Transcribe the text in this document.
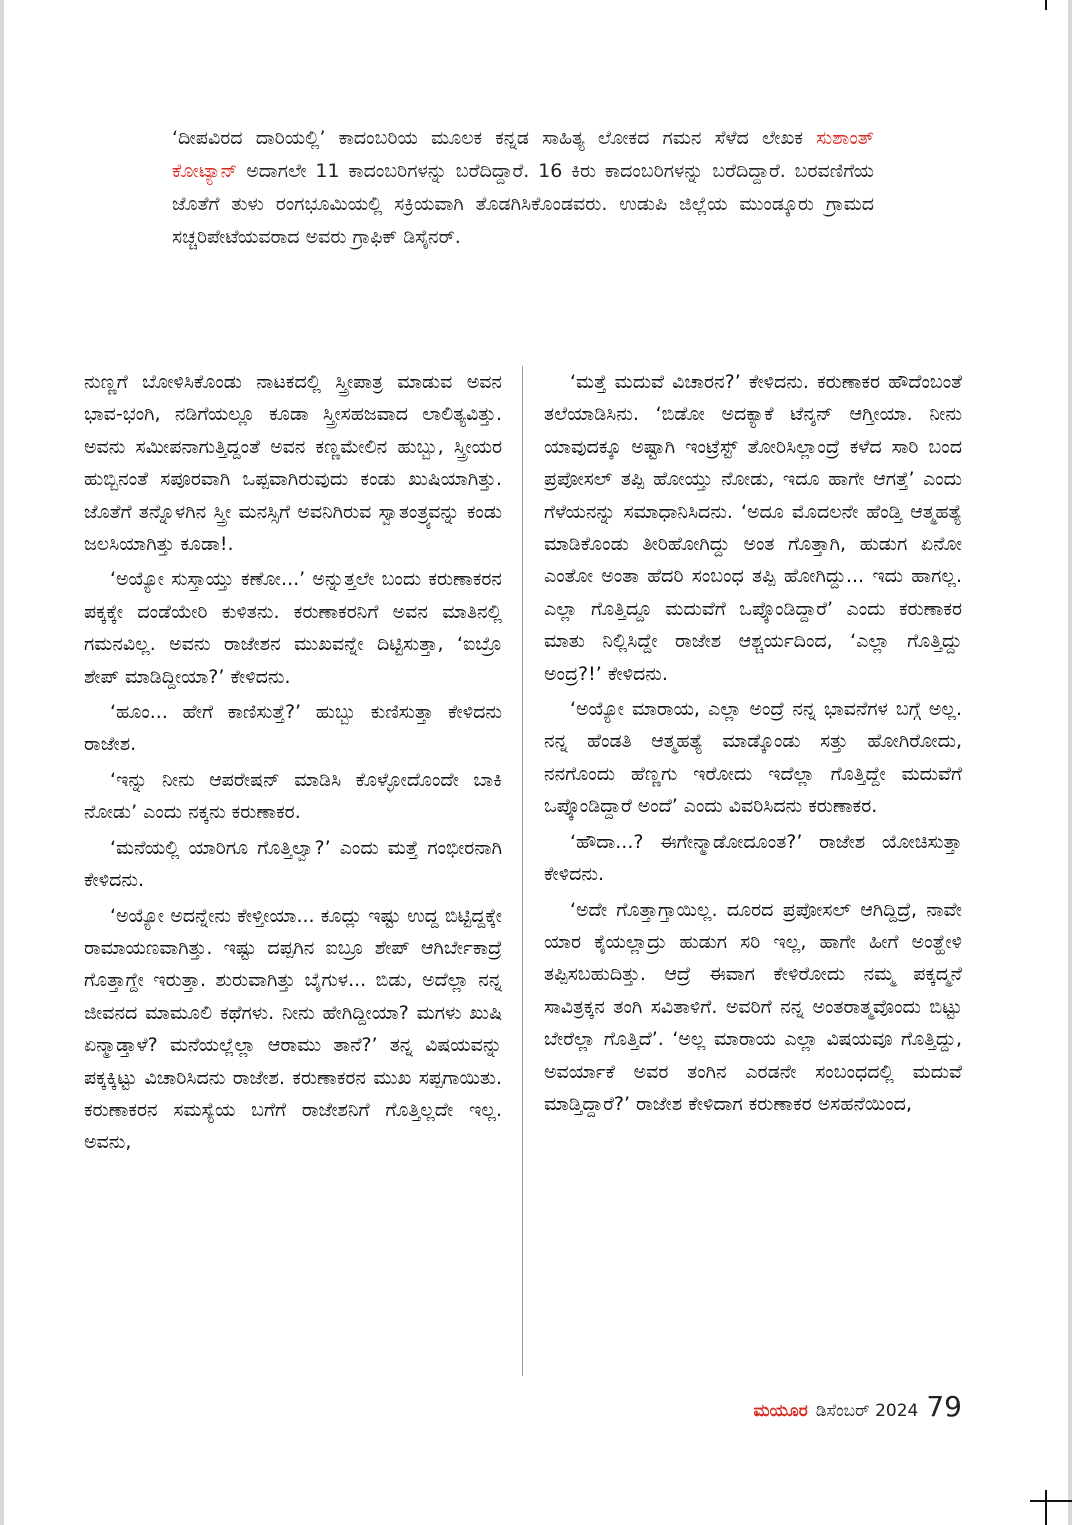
‘ದೀಪವಿರದ ದಾರಿಯಲ್ಲಿ’ ಕಾದಂಬರಿಯ ಮೂಲಕ ಕನ್ನಡ ಸಾಹಿತ್ಯ ಲೋಕದ ಗಮನ ಸೆಳೆದ ಲೇಖಕ ಸುಶಾಂತ್ ಕೋಟ್ಯಾನ್ ಅದಾಗಲೇ 11 ಕಾದಂಬರಿಗಳನ್ನು ಬರೆದಿದ್ದಾರೆ. 16 ಕಿರು ಕಾದಂಬರಿಗಳನ್ನು ಬರೆದಿದ್ದಾರೆ. ಬರವಣಿಗೆಯ ಜೊತೆಗೆ ತುಳು ರಂಗಭೂಮಿಯಲ್ಲಿ ಸಕ್ರಿಯವಾಗಿ ತೊಡಗಿಸಿಕೊಂಡವರು. ಉಡುಪಿ ಜಿಲ್ಲೆಯ ಮುಂಡ್ಕೂರು ಗ್ರಾಮದ ಸಚ್ಚರಿಪೇಟೆಯವರಾದ ಅವರು ಗ್ರಾಫಿಕ್ ಡಿಸೈನರ್.

ನುಣ್ಣಗೆ ಬೋಳಿಸಿಕೊಂಡು ನಾಟಕದಲ್ಲಿ ಸ್ತ್ರೀಪಾತ್ರ ಮಾಡುವ ಅವನ ಭಾವ-ಭಂಗಿ, ನಡಿಗೆಯಲ್ಲೂ ಕೂಡಾ ಸ್ತ್ರೀಸಹಜವಾದ ಲಾಲಿತ್ಯವಿತ್ತು. ಅವನು ಸಮೀಪನಾಗುತ್ತಿದ್ದಂತೆ ಅವನ ಕಣ್ಣಮೇಲಿನ ಹುಬ್ಬು, ಸ್ತ್ರೀಯರ ಹುಬ್ಬಿನಂತೆ ಸಪೂರವಾಗಿ ಒಪ್ಪವಾಗಿರುವುದು ಕಂಡು ಖುಷಿಯಾಗಿತ್ತು. ಜೊತೆಗೆ ತನ್ನೊಳಗಿನ ಸ್ತ್ರೀ ಮನಸ್ಸಿಗೆ ಅವನಿಗಿರುವ ಸ್ವಾತಂತ್ರ್ಯವನ್ನು ಕಂಡು ಜಲಸಿಯಾಗಿತ್ತು ಕೂಡಾ!.

‘ಅಯ್ಯೋ ಸುಸ್ತಾಯ್ತು ಕಣೋ...’ ಅನ್ನುತ್ತಲೇ ಬಂದು ಕರುಣಾಕರನ ಪಕ್ಕಕ್ಕೇ ದಂಡೆಯೇರಿ ಕುಳಿತನು. ಕರುಣಾಕರನಿಗೆ ಅವನ ಮಾತಿನಲ್ಲಿ ಗಮನವಿಲ್ಲ. ಅವನು ರಾಜೇಶನ ಮುಖವನ್ನೇ ದಿಟ್ಟಿಸುತ್ತಾ, ‘ಐಬ್ರೊ ಶೇಪ್ ಮಾಡಿದ್ದೀಯಾ?’ ಕೇಳಿದನು.

‘ಹೂಂ... ಹೇಗೆ ಕಾಣಿಸುತ್ತೆ?’ ಹುಬ್ಬು ಕುಣಿಸುತ್ತಾ ಕೇಳಿದನು ರಾಜೇಶ.

‘ಇನ್ನು ನೀನು ಆಪರೇಷನ್ ಮಾಡಿಸಿ ಕೊಳ್ಳೋದೊಂದೇ ಬಾಕಿ ನೋಡು’ ಎಂದು ನಕ್ಕನು ಕರುಣಾಕರ.

‘ಮನೆಯಲ್ಲಿ ಯಾರಿಗೂ ಗೊತ್ತಿಲ್ವಾ?’ ಎಂದು ಮತ್ತೆ ಗಂಭೀರನಾಗಿ ಕೇಳಿದನು.

‘ಅಯ್ಯೋ ಅದನ್ನೇನು ಕೇಳ್ತೀಯಾ... ಕೂದ್ಲು ಇಷ್ಟು ಉದ್ದ ಬಿಟ್ಟಿದ್ದಕ್ಕೇ ರಾಮಾಯಣವಾಗಿತ್ತು. ಇಷ್ಟು ದಪ್ಪಗಿನ ಐಬ್ರೂ ಶೇಪ್ ಆಗಿರ್ಬೇಕಾದ್ರೆ ಗೊತ್ತಾಗ್ದೇ ಇರುತ್ತಾ. ಶುರುವಾಗಿತ್ತು ಬೈಗುಳ... ಬಿಡು, ಅದೆಲ್ಲಾ ನನ್ನ ಜೀವನದ ಮಾಮೂಲಿ ಕಥೆಗಳು. ನೀನು ಹೇಗಿದ್ದೀಯಾ? ಮಗಳು ಖುಷಿ ಏನ್ಮಾಡ್ತಾಳೆ? ಮನೆಯಲ್ಲೆಲ್ಲಾ ಆರಾಮು ತಾನೆ?’ ತನ್ನ ವಿಷಯವನ್ನು ಪಕ್ಕಕ್ಕಿಟ್ಟು ವಿಚಾರಿಸಿದನು ರಾಜೇಶ. ಕರುಣಾಕರನ ಮುಖ ಸಪ್ಪಗಾಯಿತು. ಕರುಣಾಕರನ ಸಮಸ್ಯೆಯ ಬಗೆಗೆ ರಾಜೇಶನಿಗೆ ಗೊತ್ತಿಲ್ಲದೇ ಇಲ್ಲ. ಅವನು,

‘ಮತ್ತೆ ಮದುವೆ ವಿಚಾರನ?’ ಕೇಳಿದನು. ಕರುಣಾಕರ ಹೌದೆಂಬಂತೆ ತಲೆಯಾಡಿಸಿನು. ‘ಬಿಡೋ ಅದಕ್ಯಾಕೆ ಟೆನ್ಶನ್ ಆಗ್ತೀಯಾ. ನೀನು ಯಾವುದಕ್ಕೂ ಅಷ್ಟಾಗಿ ಇಂಟ್ರೆಸ್ಟ್ ತೋರಿಸಿಲ್ಲಾಂದ್ರೆ ಕಳೆದ ಸಾರಿ ಬಂದ ಪ್ರಪೋಸಲ್ ತಪ್ಪಿ ಹೋಯ್ತು ನೋಡು, ಇದೂ ಹಾಗೇ ಆಗತ್ತೆ’ ಎಂದು ಗೆಳೆಯನನ್ನು ಸಮಾಧಾನಿಸಿದನು. ‘ಅದೂ ಮೊದಲನೇ ಹೆಂಡ್ತಿ ಆತ್ಮಹತ್ಯೆ ಮಾಡಿಕೊಂಡು ತೀರಿಹೋಗಿದ್ದು ಅಂತ ಗೊತ್ತಾಗಿ, ಹುಡುಗ ಏನೋ ಎಂತೋ ಅಂತಾ ಹೆದರಿ ಸಂಬಂಧ ತಪ್ಪಿ ಹೋಗಿದ್ದು... ಇದು ಹಾಗಲ್ಲ. ಎಲ್ಲಾ ಗೊತ್ತಿದ್ದೂ ಮದುವೆಗೆ ಒಪ್ಕೊಂಡಿದ್ದಾರೆ’ ಎಂದು ಕರುಣಾಕರ ಮಾತು ನಿಲ್ಲಿಸಿದ್ದೇ ರಾಜೇಶ ಆಶ್ಚರ್ಯದಿಂದ, ‘ಎಲ್ಲಾ ಗೊತ್ತಿದ್ದು ಅಂದ್ರ?!’ ಕೇಳಿದನು.

‘ಅಯ್ಯೋ ಮಾರಾಯ, ಎಲ್ಲಾ ಅಂದ್ರೆ ನನ್ನ ಭಾವನೆಗಳ ಬಗ್ಗೆ ಅಲ್ಲ. ನನ್ನ ಹೆಂಡತಿ ಆತ್ಮಹತ್ಯೆ ಮಾಡ್ಕೊಂಡು ಸತ್ತು ಹೋಗಿರೋದು, ನನಗೊಂದು ಹೆಣ್ಣಗು ಇರೋದು ಇದೆಲ್ಲಾ ಗೊತ್ತಿದ್ದೇ ಮದುವೆಗೆ ಒಪ್ಕೊಂಡಿದ್ದಾರೆ ಅಂದೆ’ ಎಂದು ವಿವರಿಸಿದನು ಕರುಣಾಕರ.

‘ಹೌದಾ...? ಈಗೇನ್ಮಾಡೋದೂಂತ?’ ರಾಜೇಶ ಯೋಚಿಸುತ್ತಾ ಕೇಳಿದನು.

‘ಅದೇ ಗೊತ್ತಾಗ್ತಾಯಿಲ್ಲ. ದೂರದ ಪ್ರಪೋಸಲ್ ಆಗಿದ್ದಿದ್ರೆ, ನಾವೇ ಯಾರ ಕೈಯಲ್ಲಾದ್ರು ಹುಡುಗ ಸರಿ ಇಲ್ಲ, ಹಾಗೇ ಹೀಗೆ ಅಂತ್ಹೇಳಿ ತಪ್ಪಿಸಬಹುದಿತ್ತು. ಆದ್ರೆ ಈವಾಗ ಕೇಳಿರೋದು ನಮ್ಮ ಪಕ್ಕದ್ಮನೆ ಸಾವಿತ್ರಕ್ಕನ ತಂಗಿ ಸವಿತಾಳಿಗೆ. ಅವರಿಗೆ ನನ್ನ ಅಂತರಾತ್ಮವೊಂದು ಬಿಟ್ಟು ಬೇರೆಲ್ಲಾ ಗೊತ್ತಿದೆ’. ‘ಅಲ್ಲ ಮಾರಾಯ ಎಲ್ಲಾ ವಿಷಯವೂ ಗೊತ್ತಿದ್ದು, ಅವರ್ಯಾಕೆ ಅವರ ತಂಗಿನ ಎರಡನೇ ಸಂಬಂಧದಲ್ಲಿ ಮದುವೆ ಮಾಡ್ತಿದ್ದಾರೆ?’ ರಾಜೇಶ ಕೇಳಿದಾಗ ಕರುಣಾಕರ ಅಸಹನೆಯಿಂದ,

ಮಯೂರ ಡಿಸೆಂಬರ್ 2024 79
